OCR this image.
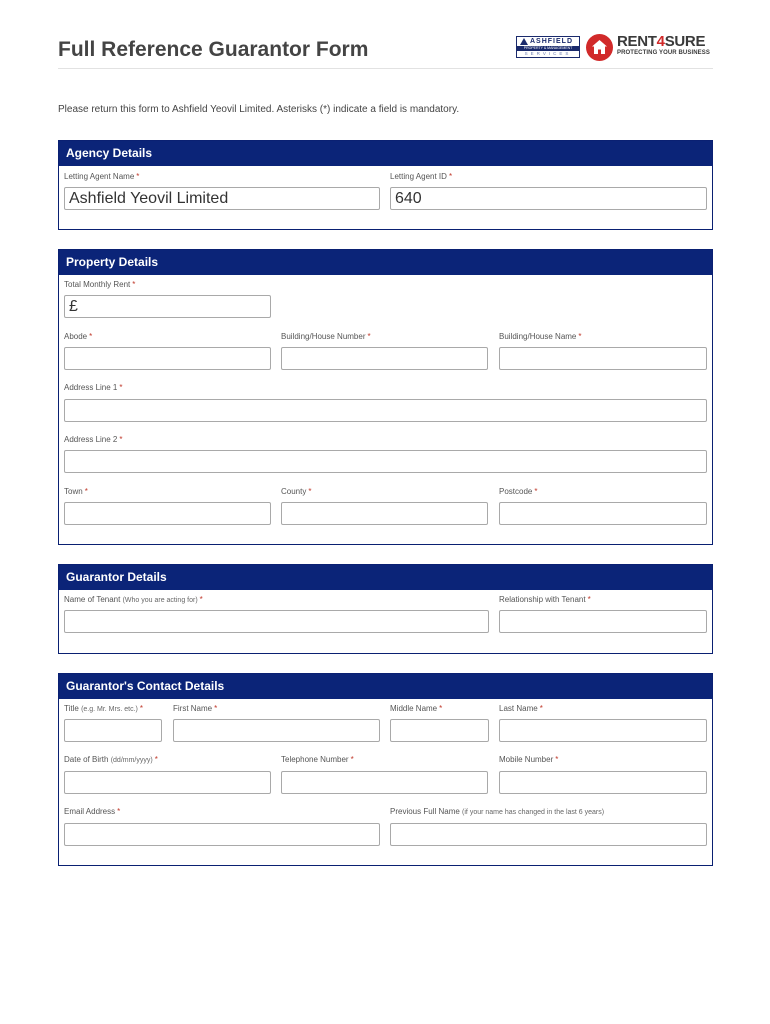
Full Reference Guarantor Form	ASHFIELD
PROPERTY & MANAGEMENT
SERVICES
RENT4SURE
PROTECTING YOUR BUSINESS
Please return this form to Ashfield Yeovil Limited. Asterisks (*) indicate a field is mandatory.
Agency Details
Letting Agent Name *	Letting Agent ID *
Ashfield Yeovil Limited	640
Property Details
Total Monthly Rent *
£
Abode *	Building/House Number *	Building/House Name *
Address Line 1 *
Address Line 2 *
Town *	County *	Postcode *
Guarantor Details
Name of Tenant (Who you are acting for) *	Relationship with Tenant *
Guarantor's Contact Details
Title (e.g. Mr. Mrs. etc.) *	First Name *	Middle Name *	Last Name *
Date of Birth (dd/mm/yyyy) *	Telephone Number *	Mobile Number *
Email Address *	Previous Full Name (if your name has changed in the last 6 years)
